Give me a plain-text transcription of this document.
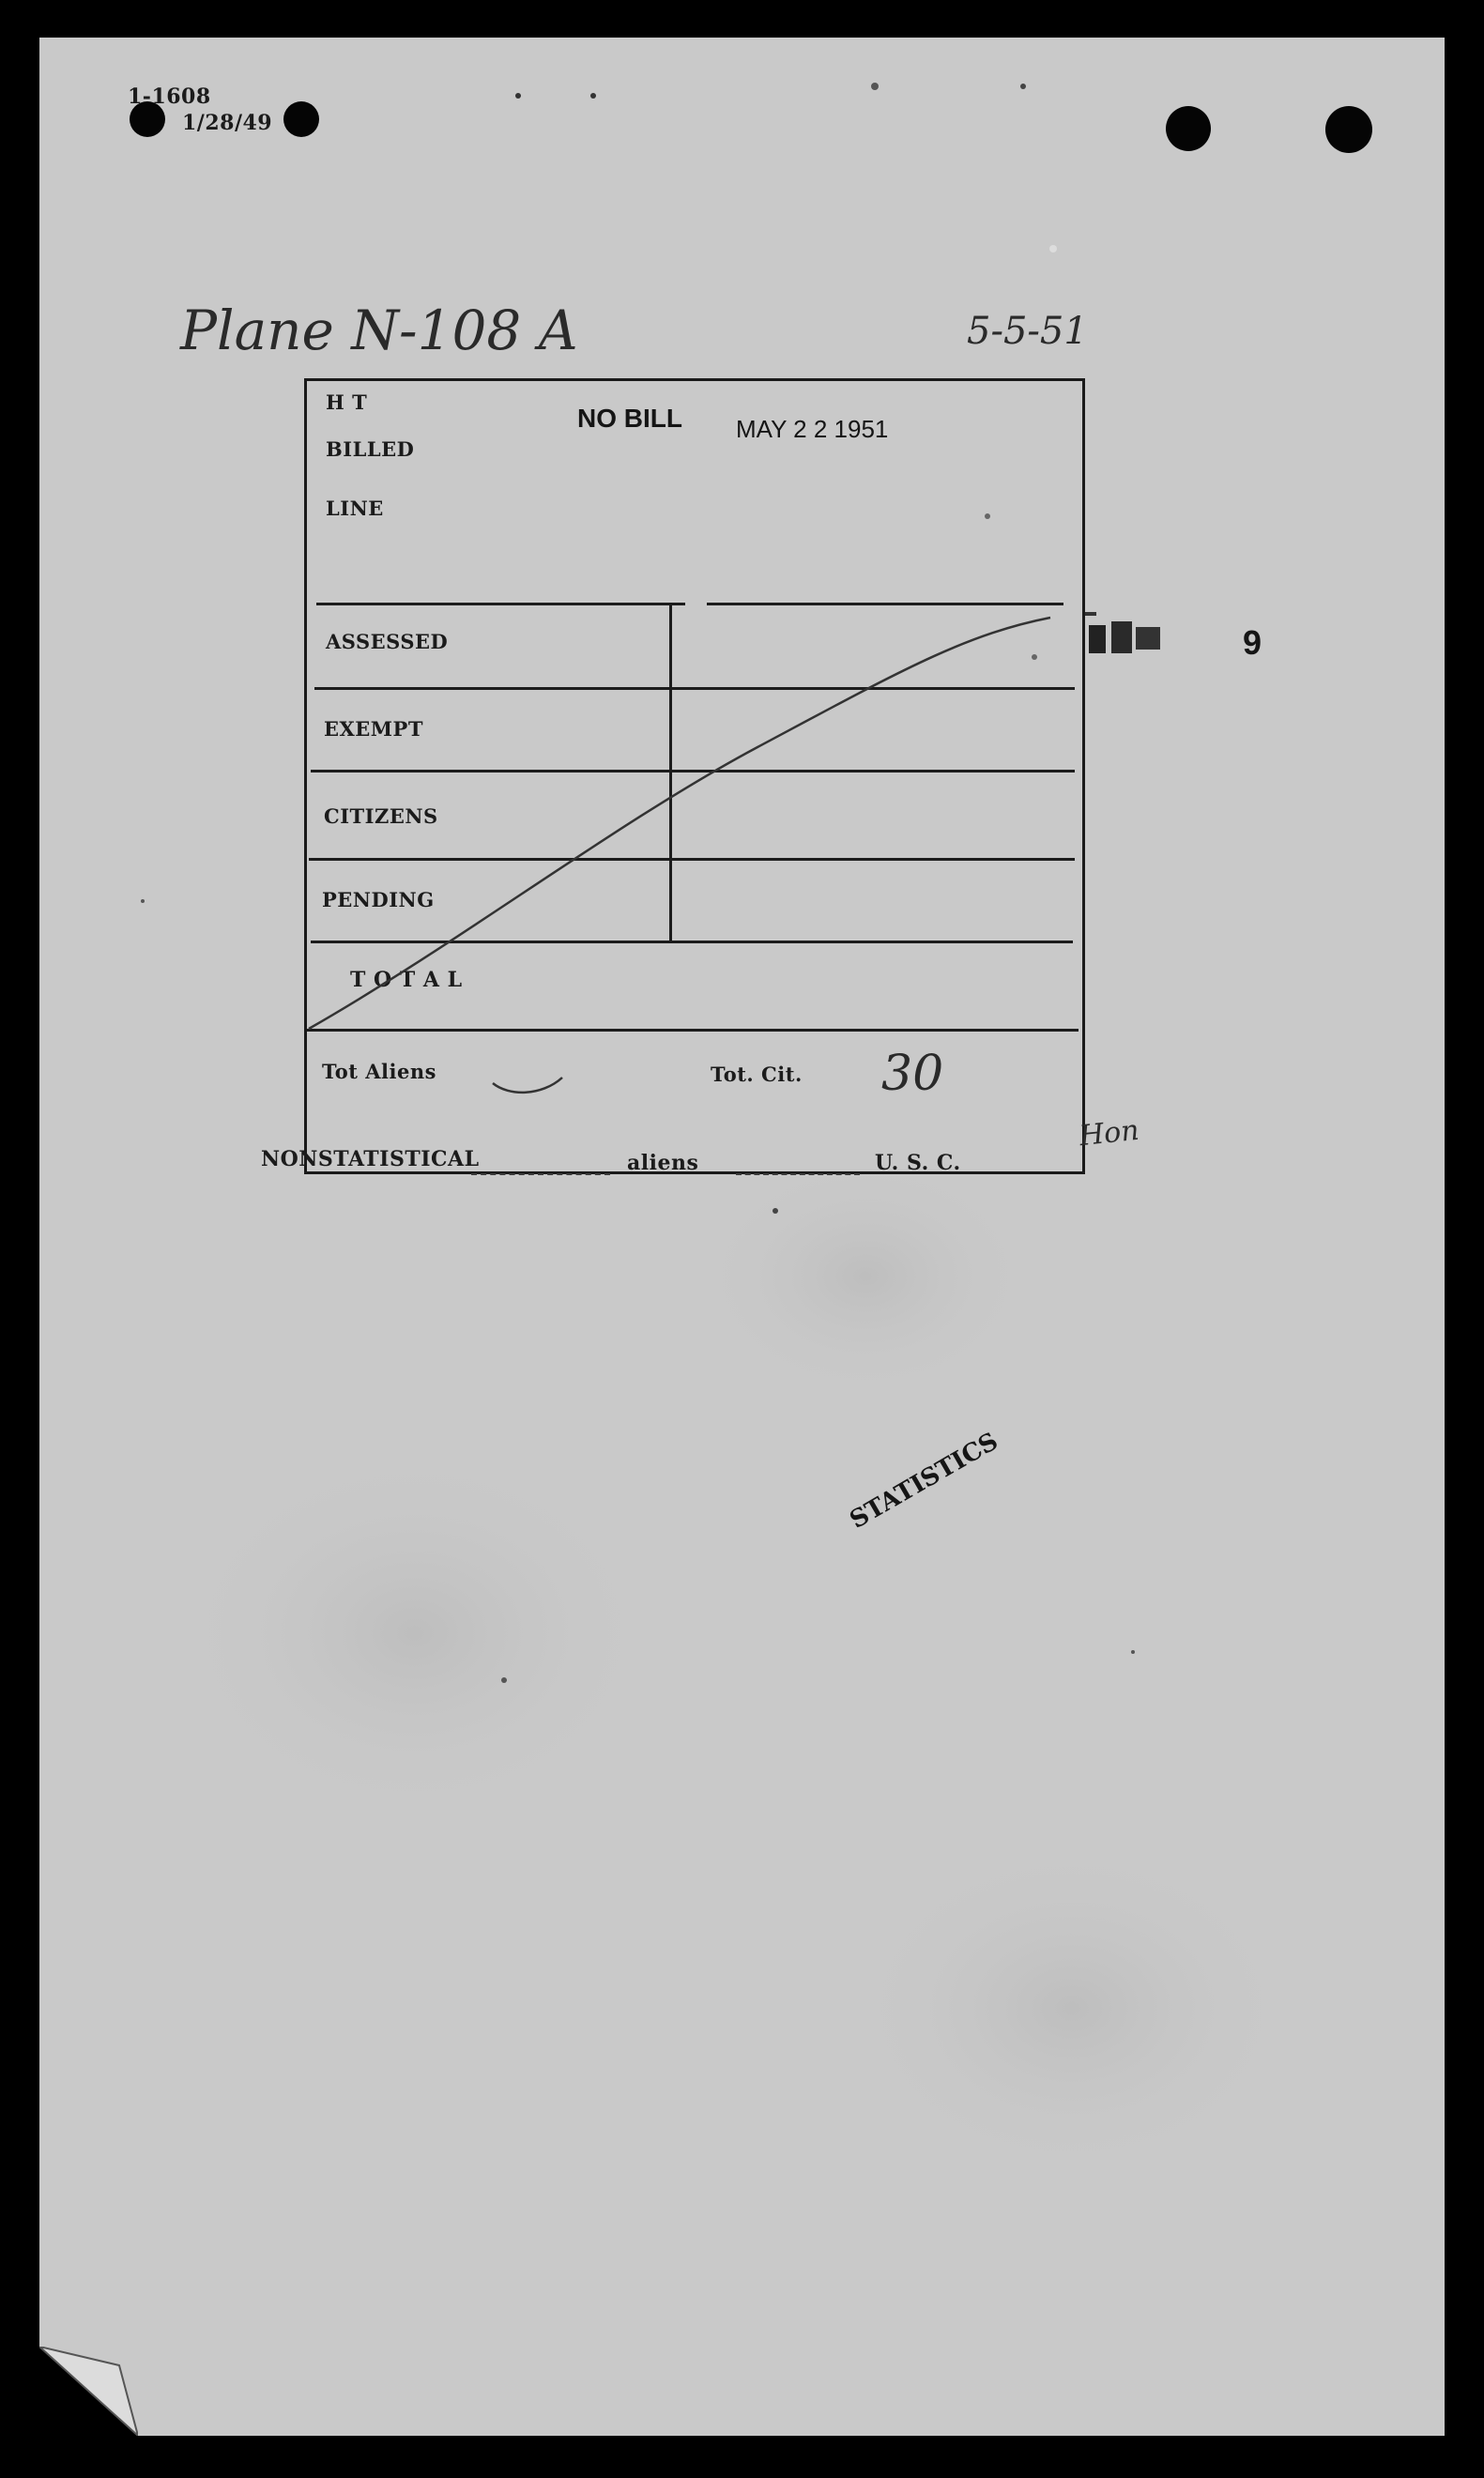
1-1608
1/28/49
Plane N-108 A	5-5-51
H T
BILLED
LINE
NO BILL MAY 2 2 1951
ASSESSED
EXEMPT
CITIZENS
PENDING
T O T A L
Tot Aliens	Tot. Cit. 30
9
Hon
NONSTATISTICAL	aliens	U. S. C.
STATISTICS
